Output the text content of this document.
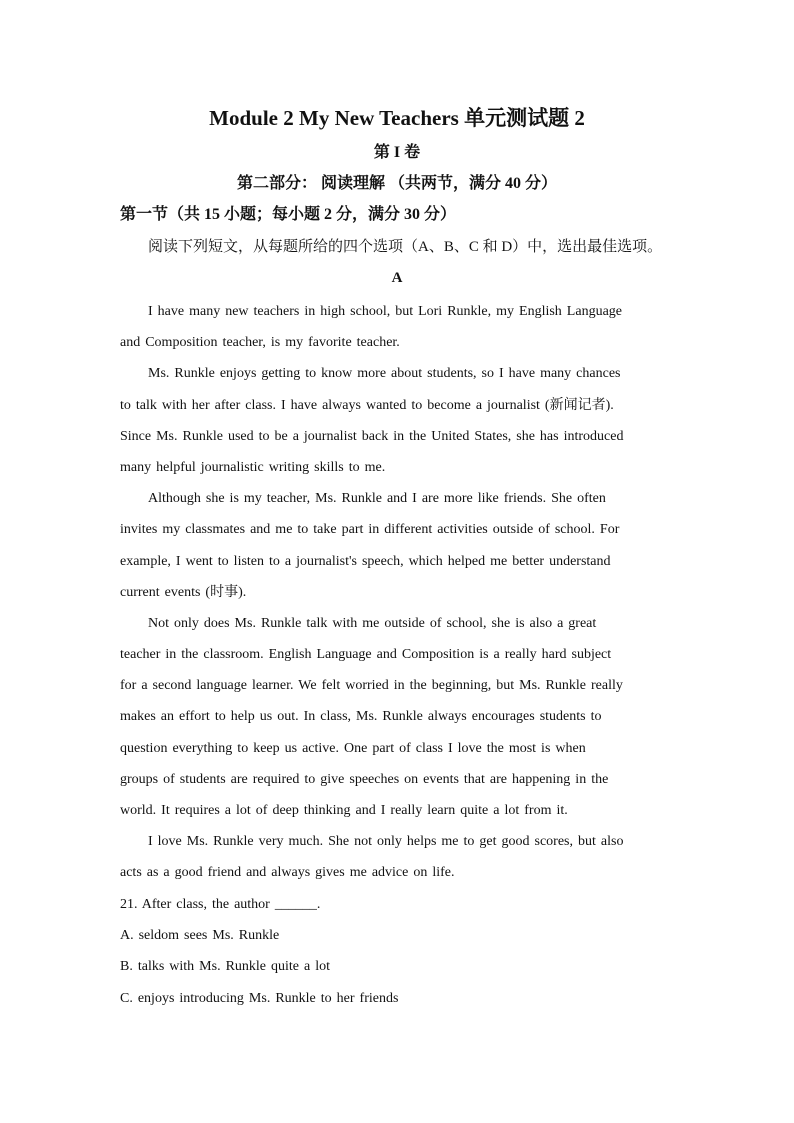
Module 2 My New Teachers 单元测试题 2
第 I 卷
第二部分： 阅读理解 （共两节，满分 40 分）
第一节（共 15 小题；每小题 2 分，满分 30 分）
阅读下列短文，从每题所给的四个选项（A、B、C 和 D）中，选出最佳选项。
A
I have many new teachers in high school, but Lori Runkle, my English Language
and Composition teacher, is my favorite teacher.
Ms. Runkle enjoys getting to know more about students, so I have many chances
to talk with her after class. I have always wanted to become a journalist (新闻记者).
Since Ms. Runkle used to be a journalist back in the United States, she has introduced
many helpful journalistic writing skills to me.
Although she is my teacher, Ms. Runkle and I are more like friends. She often
invites my classmates and me to take part in different activities outside of school. For
example, I went to listen to a journalist's speech, which helped me better understand
current events (时事).
Not only does Ms. Runkle talk with me outside of school, she is also a great
teacher in the classroom. English Language and Composition is a really hard subject
for a second language learner. We felt worried in the beginning, but Ms. Runkle really
makes an effort to help us out. In class, Ms. Runkle always encourages students to
question everything to keep us active. One part of class I love the most is when
groups of students are required to give speeches on events that are happening in the
world. It requires a lot of deep thinking and I really learn quite a lot from it.
I love Ms. Runkle very much. She not only helps me to get good scores, but also
acts as a good friend and always gives me advice on life.
21. After class, the author ______.
A. seldom sees Ms. Runkle
B. talks with Ms. Runkle quite a lot
C. enjoys introducing Ms. Runkle to her friends
